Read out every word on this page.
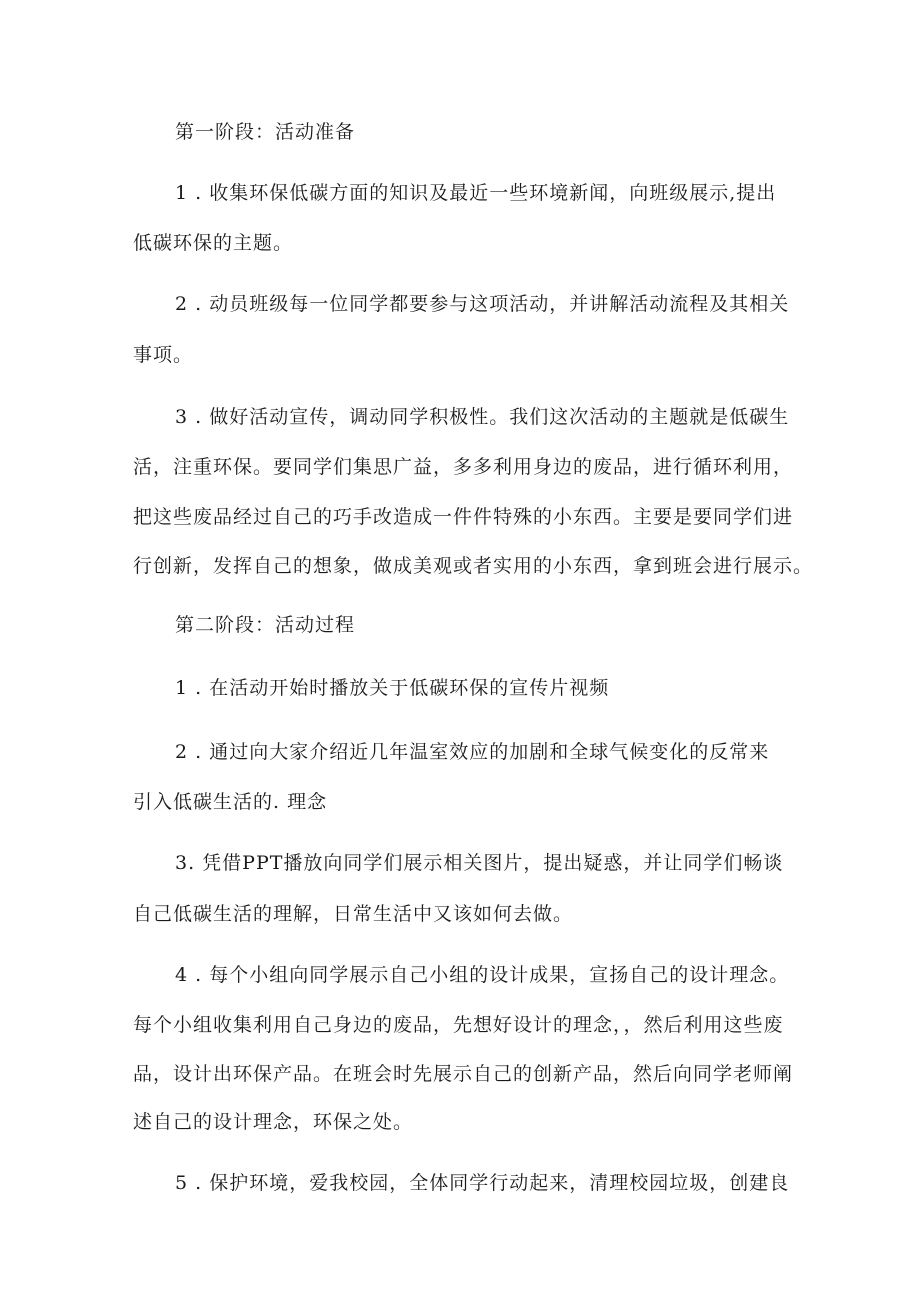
第一阶段：活动准备
1 . 收集环保低碳方面的知识及最近一些环境新闻，向班级展示,提出
低碳环保的主题。
2 . 动员班级每一位同学都要参与这项活动，并讲解活动流程及其相关
事项。
3 . 做好活动宣传，调动同学积极性。我们这次活动的主题就是低碳生
活，注重环保。要同学们集思广益，多多利用身边的废品，进行循环利用，
把这些废品经过自己的巧手改造成一件件特殊的小东西。主要是要同学们进
行创新，发挥自己的想象，做成美观或者实用的小东西，拿到班会进行展示。
第二阶段：活动过程
1 . 在活动开始时播放关于低碳环保的宣传片视频
2 . 通过向大家介绍近几年温室效应的加剧和全球气候变化的反常来
引入低碳生活的. 理念
3. 凭借PPT播放向同学们展示相关图片，提出疑惑，并让同学们畅谈
自己低碳生活的理解，日常生活中又该如何去做。
4 . 每个小组向同学展示自己小组的设计成果，宣扬自己的设计理念。
每个小组收集利用自己身边的废品，先想好设计的理念，，然后利用这些废
品，设计出环保产品。在班会时先展示自己的创新产品，然后向同学老师阐
述自己的设计理念，环保之处。
5 . 保护环境，爱我校园，全体同学行动起来，清理校园垃圾，创建良
